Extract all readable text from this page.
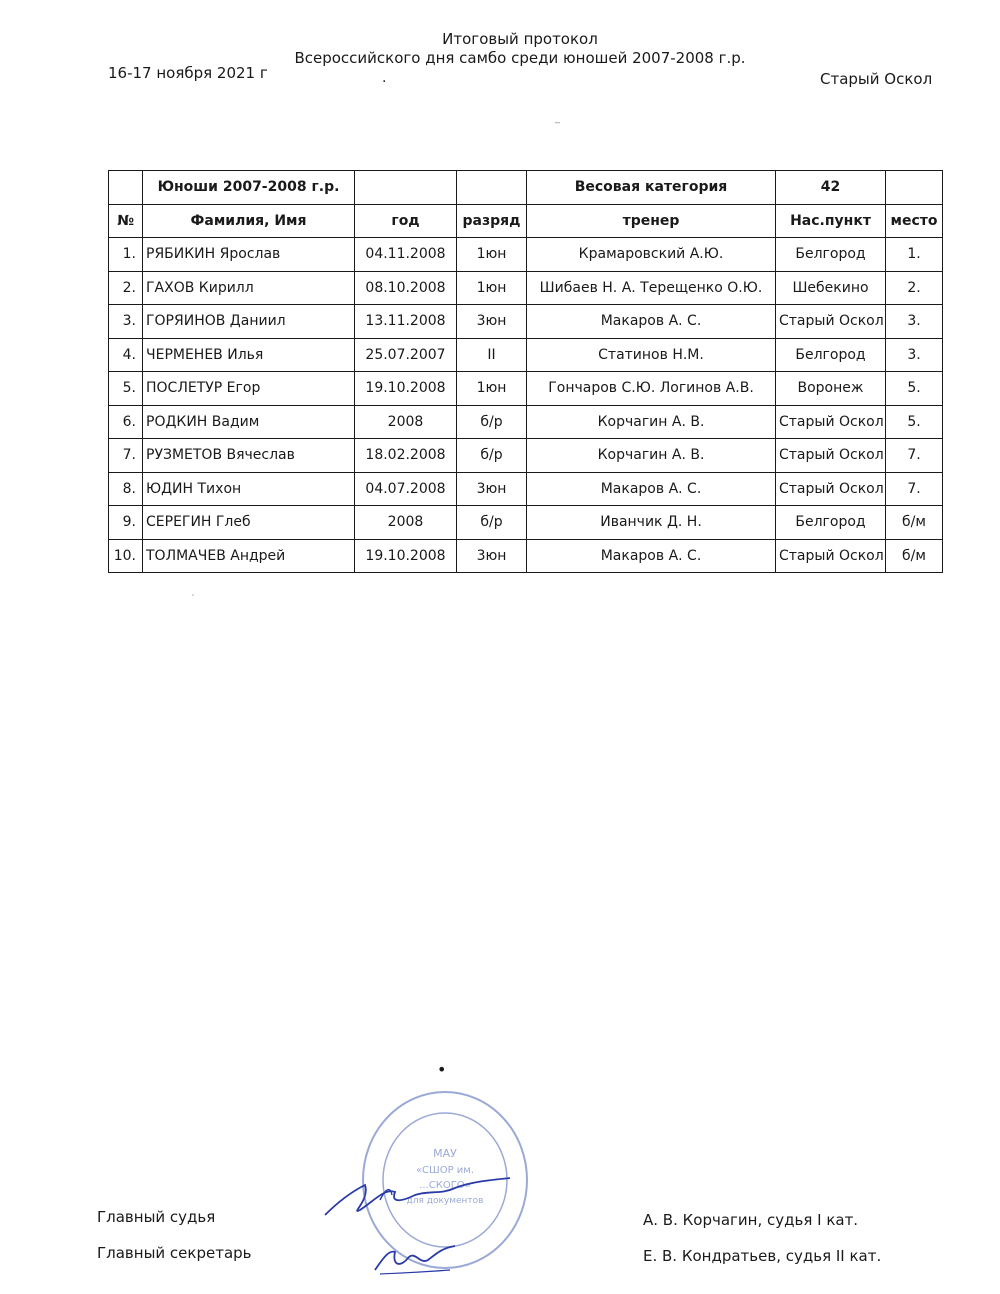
Итоговый протокол
Всероссийского дня самбо среди юношей 2007-2008 г.р.
16-17 ноября 2021 г	Старый Оскол
.
‾
´
•
	Юноши 2007-2008 г.р.			Весовая категория	42	
№	Фамилия, Имя	год	разряд	тренер	Нас.пункт	место
1.	РЯБИКИН Ярослав	04.11.2008	1юн	Крамаровский А.Ю.	Белгород	1.
2.	ГАХОВ Кирилл	08.10.2008	1юн	Шибаев Н. А. Терещенко О.Ю.	Шебекино	2.
3.	ГОРЯИНОВ Даниил	13.11.2008	3юн	Макаров А. С.	Старый Оскол	3.
4.	ЧЕРМЕНЕВ Илья	25.07.2007	II	Статинов Н.М.	Белгород	3.
5.	ПОСЛЕТУР Егор	19.10.2008	1юн	Гончаров С.Ю. Логинов А.В.	Воронеж	5.
6.	РОДКИН Вадим	2008	б/р	Корчагин А. В.	Старый Оскол	5.
7.	РУЗМЕТОВ Вячеслав	18.02.2008	б/р	Корчагин А. В.	Старый Оскол	7.
8.	ЮДИН Тихон	04.07.2008	3юн	Макаров А. С.	Старый Оскол	7.
9.	СЕРЕГИН Глеб	2008	б/р	Иванчик Д. Н.	Белгород	б/м
10.	ТОЛМАЧЕВ Андрей	19.10.2008	3юн	Макаров А. С.	Старый Оскол	б/м
Главный судья	А. В. Корчагин, судья I кат.
Главный секретарь	Е. В. Кондратьев, судья II кат.
МАУ
«СШОР им.
...СКОГО»
для документов
